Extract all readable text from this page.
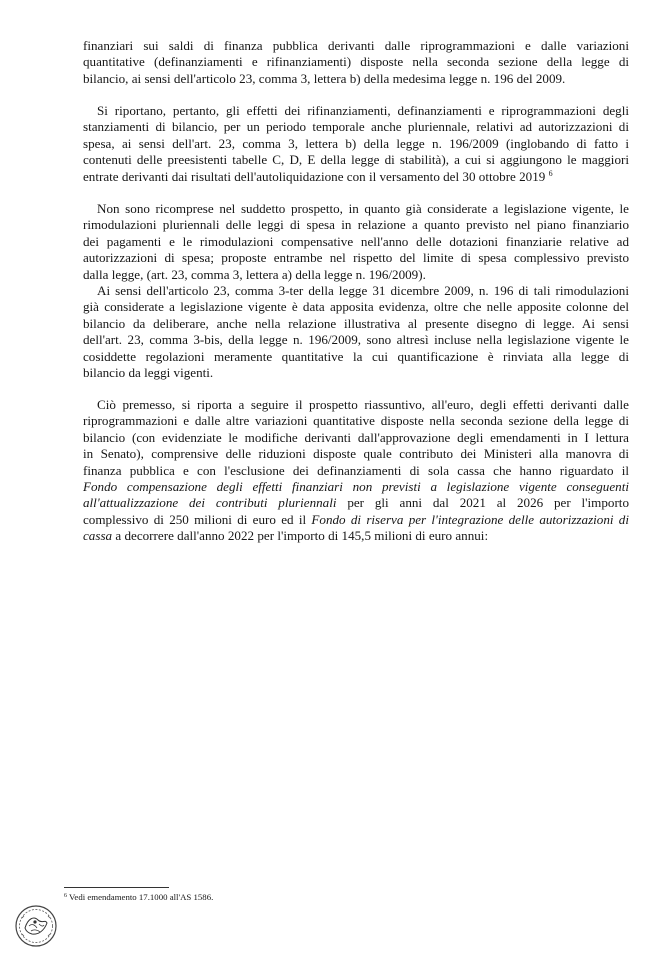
finanziari sui saldi di finanza pubblica derivanti dalle riprogrammazioni e dalle variazioni
quantitative (definanziamenti e rifinanziamenti) disposte nella seconda sezione della legge di
bilancio, ai sensi dell'articolo 23, comma 3, lettera b) della medesima legge n. 196 del 2009.

Si riportano, pertanto, gli effetti dei rifinanziamenti, definanziamenti e riprogrammazioni degli
stanziamenti di bilancio, per un periodo temporale anche pluriennale, relativi ad autorizzazioni di
spesa, ai sensi dell'art. 23, comma 3, lettera b) della legge n. 196/2009 (inglobando di fatto i
contenuti delle preesistenti tabelle C, D, E della legge di stabilità), a cui si aggiungono le maggiori
entrate derivanti dai risultati dell'autoliquidazione con il versamento del 30 ottobre 2019 $^6$

Non sono ricomprese nel suddetto prospetto, in quanto già considerate a legislazione vigente, le
rimodulazioni pluriennali delle leggi di spesa in relazione a quanto previsto nel piano finanziario
dei pagamenti e le rimodulazioni compensative nell'anno delle dotazioni finanziarie relative ad
autorizzazioni di spesa; proposte entrambe nel rispetto del limite di spesa complessivo previsto
dalla legge, (art. 23, comma 3, lettera a) della legge n. 196/2009).
Ai sensi dell'articolo 23, comma 3-ter della legge 31 dicembre 2009, n. 196 di tali rimodulazioni
già considerate a legislazione vigente è data apposita evidenza, oltre che nelle apposite colonne del
bilancio da deliberare, anche nella relazione illustrativa al presente disegno di legge. Ai sensi
dell'art. 23, comma 3-bis, della legge n. 196/2009, sono altresì incluse nella legislazione vigente le
cosiddette regolazioni meramente quantitative la cui quantificazione è rinviata alla legge di
bilancio da leggi vigenti.

Ciò premesso, si riporta a seguire il prospetto riassuntivo, all'euro, degli effetti derivanti dalle
riprogrammazioni e dalle altre variazioni quantitative disposte nella seconda sezione della legge di
bilancio (con evidenziate le modifiche derivanti dall'approvazione degli emendamenti in I lettura
in Senato), comprensive delle riduzioni disposte quale contributo dei Ministeri alla manovra di
finanza pubblica e con l'esclusione dei definanziamenti di sola cassa che hanno riguardato il
Fondo compensazione degli effetti finanziari non previsti a legislazione vigente conseguenti
all'attualizzazione dei contributi pluriennali per gli anni dal 2021 al 2026 per l'importo
complessivo di 250 milioni di euro ed il Fondo di riserva per l'integrazione delle autorizzazioni di
cassa a decorrere dall'anno 2022 per l'importo di 145,5 milioni di euro annui:

$^6$ Vedi emendamento 17.1000 all'AS 1586.
